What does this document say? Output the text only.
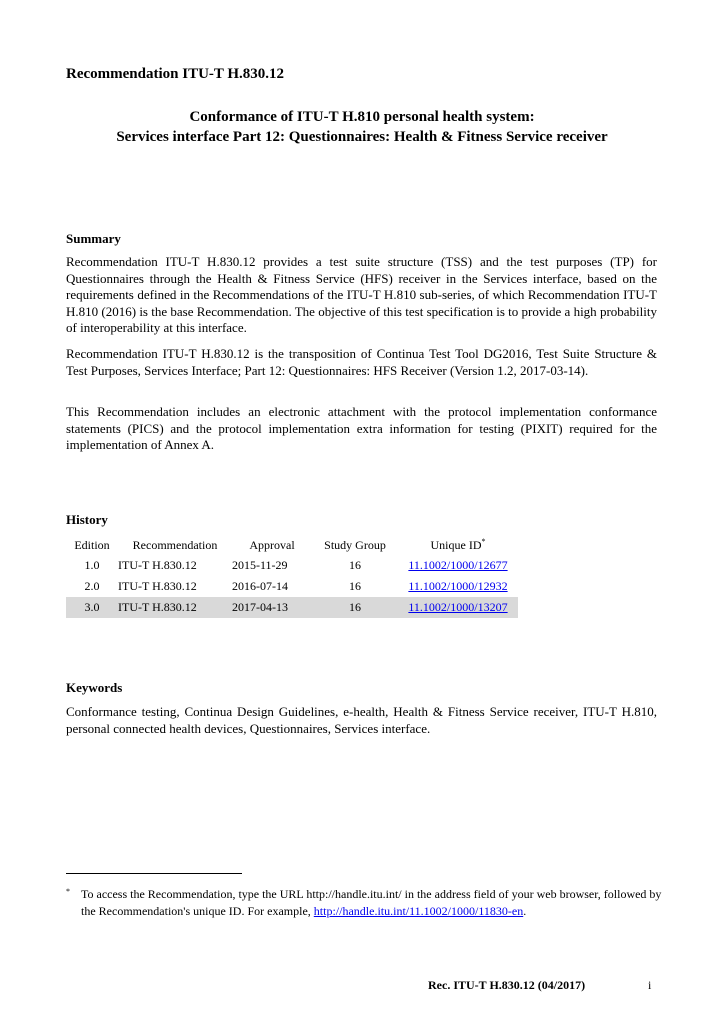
Recommendation ITU-T H.830.12
Conformance of ITU-T H.810 personal health system:
Services interface Part 12: Questionnaires: Health & Fitness Service receiver
Summary

Recommendation ITU-T H.830.12 provides a test suite structure (TSS) and the test purposes (TP) for Questionnaires through the Health & Fitness Service (HFS) receiver in the Services interface, based on the requirements defined in the Recommendations of the ITU-T H.810 sub-series, of which Recommendation ITU-T H.810 (2016) is the base Recommendation. The objective of this test specification is to provide a high probability of interoperability at this interface.

Recommendation ITU-T H.830.12 is the transposition of Continua Test Tool DG2016, Test Suite Structure & Test Purposes, Services Interface; Part 12: Questionnaires: HFS Receiver (Version 1.2, 2017-03-14).

This Recommendation includes an electronic attachment with the protocol implementation conformance statements (PICS) and the protocol implementation extra information for testing (PIXIT) required for the implementation of Annex A.

History
Edition	Recommendation	Approval	Study Group	Unique ID*
1.0	ITU-T H.830.12	2015-11-29	16	11.1002/1000/12677
2.0	ITU-T H.830.12	2016-07-14	16	11.1002/1000/12932
3.0	ITU-T H.830.12	2017-04-13	16	11.1002/1000/13207
Keywords

Conformance testing, Continua Design Guidelines, e-health, Health & Fitness Service receiver, ITU-T H.810, personal connected health devices, Questionnaires, Services interface.

* To access the Recommendation, type the URL http://handle.itu.int/ in the address field of your web browser, followed by the Recommendation's unique ID. For example, http://handle.itu.int/11.1002/1000/11830-en.
Rec. ITU-T H.830.12 (04/2017)	i
